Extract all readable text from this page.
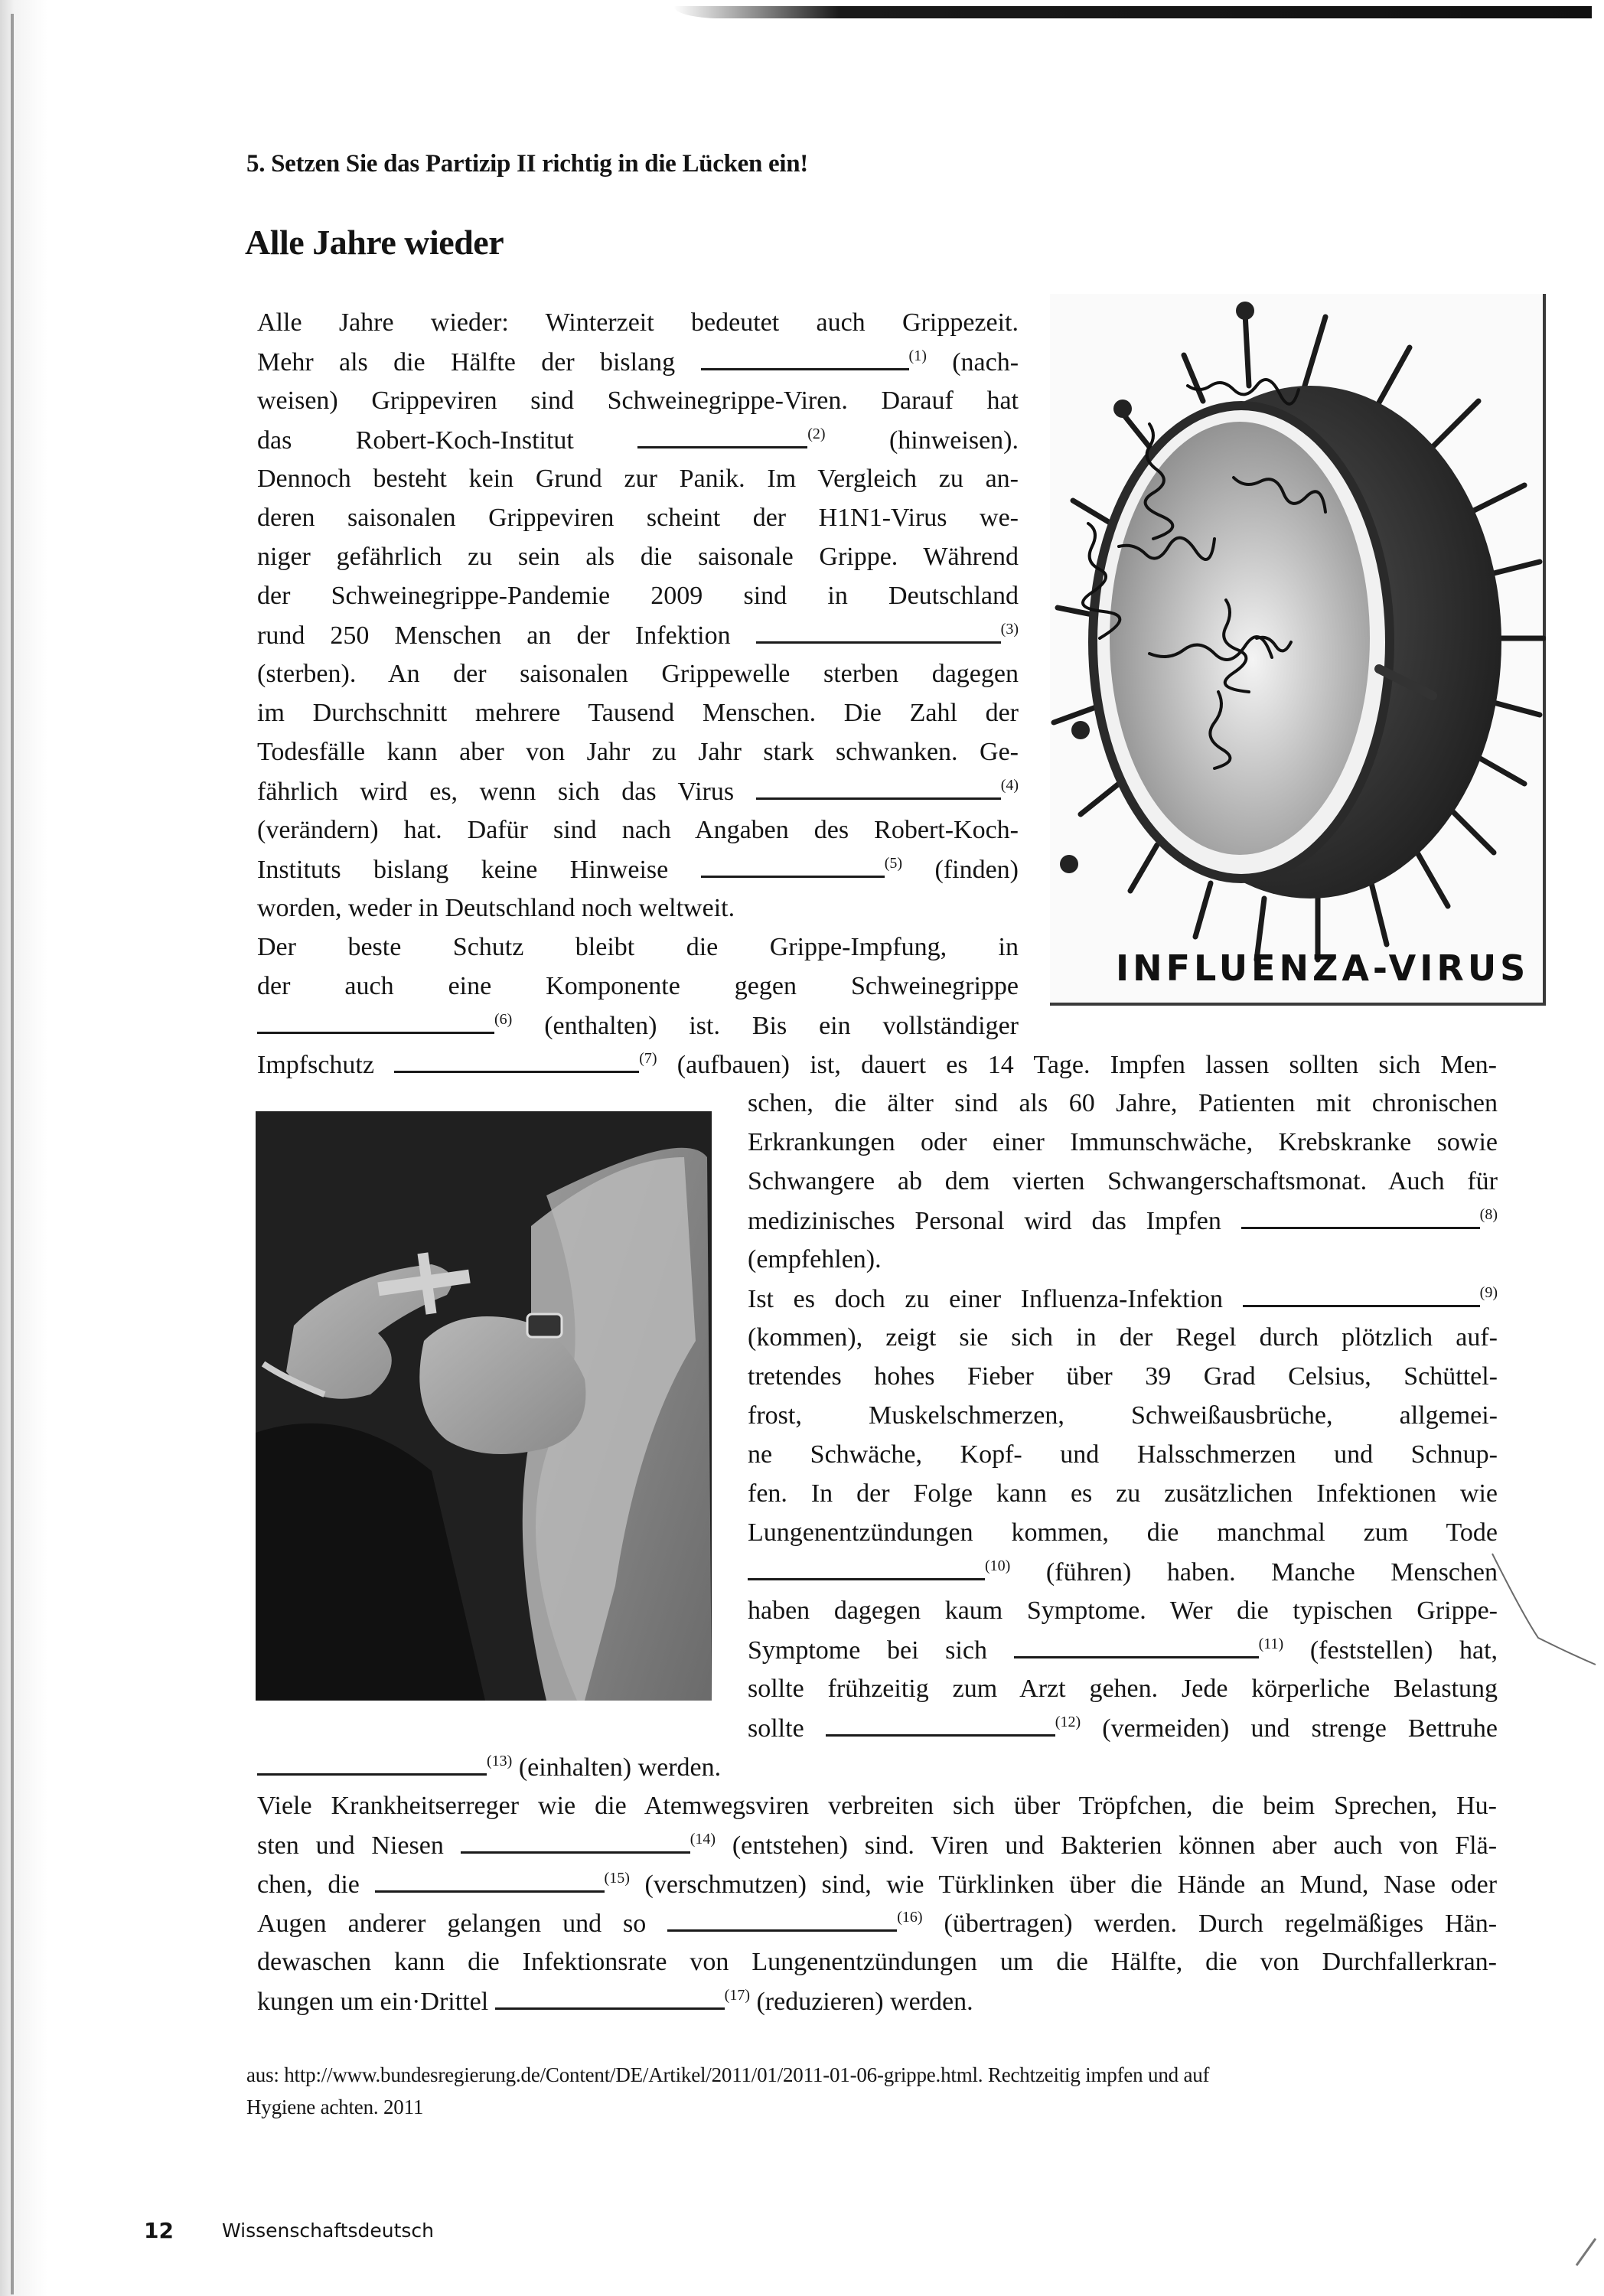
5. Setzen Sie das Partizip II richtig in die Lücken ein!
Alle Jahre wieder
Alle Jahre wieder: Winterzeit bedeutet auch Grippezeit.
Mehr als die Hälfte der bislang	$^{(1)}$ (nach-
weisen) Grippeviren sind Schweinegrippe-Viren. Darauf hat
das Robert-Koch-Institut	$^{(2)}$ (hinweisen).
Dennoch besteht kein Grund zur Panik. Im Vergleich zu an-
deren saisonalen Grippeviren scheint der H1N1-Virus we-
niger gefährlich zu sein als die saisonale Grippe. Während
der Schweinegrippe-Pandemie 2009 sind in Deutschland
rund 250 Menschen an der Infektion	$^{(3)}$
(sterben). An der saisonalen Grippewelle sterben dagegen
im Durchschnitt mehrere Tausend Menschen. Die Zahl der
Todesfälle kann aber von Jahr zu Jahr stark schwanken. Ge-
fährlich wird es, wenn sich das Virus	$^{(4)}$
(verändern) hat. Dafür sind nach Angaben des Robert-Koch-
Instituts bislang keine Hinweise	$^{(5)}$ (finden)
worden, weder in Deutschland noch weltweit.
Der beste Schutz bleibt die Grippe-Impfung, in
der auch eine Komponente gegen Schweinegrippe
$^{(6)}$ (enthalten) ist. Bis ein vollständiger
Impfschutz	$^{(7)}$ (aufbauen) ist, dauert es 14 Tage. Impfen lassen sollten sich Men-
schen, die älter sind als 60 Jahre, Patienten mit chronischen
Erkrankungen oder einer Immunschwäche, Krebskranke sowie
Schwangere ab dem vierten Schwangerschaftsmonat. Auch für
medizinisches Personal wird das Impfen	$^{(8)}$
(empfehlen).
Ist es doch zu einer Influenza-Infektion	$^{(9)}$
(kommen), zeigt sie sich in der Regel durch plötzlich auf-
tretendes hohes Fieber über 39 Grad Celsius, Schüttel-
frost, Muskelschmerzen, Schweißausbrüche, allgemei-
ne Schwäche, Kopf- und Halsschmerzen und Schnup-
fen. In der Folge kann es zu zusätzlichen Infektionen wie
Lungenentzündungen kommen, die manchmal zum Tode
$^{(10)}$ (führen) haben. Manche Menschen
haben dagegen kaum Symptome. Wer die typischen Grippe-
Symptome bei sich	$^{(11)}$ (feststellen) hat,
sollte frühzeitig zum Arzt gehen. Jede körperliche Belastung
sollte	$^{(12)}$ (vermeiden) und strenge Bettruhe
$^{(13)}$ (einhalten) werden.
Viele Krankheitserreger wie die Atemwegsviren verbreiten sich über Tröpfchen, die beim Sprechen, Hu-
sten und Niesen	$^{(14)}$ (entstehen) sind. Viren und Bakterien können aber auch von Flä-
chen, die	$^{(15)}$ (verschmutzen) sind, wie Türklinken über die Hände an Mund, Nase oder
Augen anderer gelangen und so	$^{(16)}$ (übertragen) werden. Durch regelmäßiges Hän-
dewaschen kann die Infektionsrate von Lungenentzündungen um die Hälfte, die von Durchfallerkran-
kungen um ein·Drittel	$^{(17)}$ (reduzieren) werden.
INFLUENZA-VIRUS
aus: http://www.bundesregierung.de/Content/DE/Artikel/2011/01/2011-01-06-grippe.html. Rechtzeitig impfen und auf
Hygiene achten. 2011
12	Wissenschaftsdeutsch
